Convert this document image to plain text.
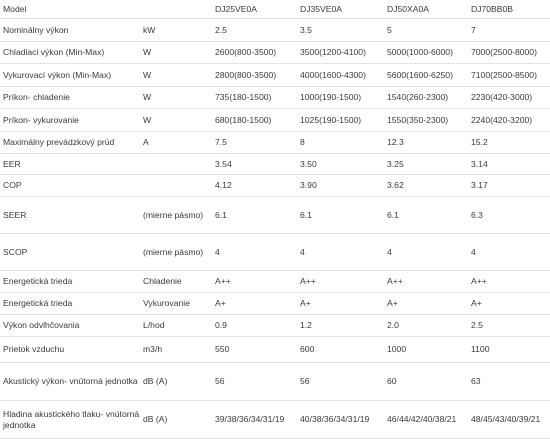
Model		DJ25VE0A	DJ35VE0A	DJ50XA0A	DJ70BB0B
Nominálny výkon	kW	2.5	3.5	5	7
Chladiaci výkon (Min-Max)	W	2600(800-3500)	3500(1200-4100)	5000(1000-6000)	7000(2500-8000)
Vykurovací výkon (Min-Max)	W	2800(800-3500)	4000(1600-4300)	5600(1600-6250)	7100(2500-8500)
Príkon- chladenie	W	735(180-1500)	1000(190-1500)	1540(260-2300)	2230(420-3000)
Príkon- vykurovanie	W	680(180-1500)	1025(190-1500)	1550(350-2300)	2240(420-3200)
Maximálny prevádzkový prúd	A	7.5	8	12.3	15.2
EER		3.54	3.50	3.25	3.14
COP		4.12	3.90	3.62	3.17
SEER	(mierne pásmo)	6.1	6.1	6.1	6.3
SCOP	(mierne pásmo)	4	4	4	4
Energetická trieda	Chladenie	A++	A++	A++	A++
Energetická trieda	Vykurovanie	A+	A+	A+	A+
Výkon odvlhčovania	L/hod	0.9	1.2	2.0	2.5
Prietok vzduchu	m3/h	550	600	1000	1100
Akustický výkon- vnútorná jednotka	dB (A)	56	56	60	63
Hladina akustického tlaku- vnútorná jednotka	dB (A)	39/38/36/34/31/19	40/38/36/34/31/19	46/44/42/40/38/21	48/45/43/40/39/21
